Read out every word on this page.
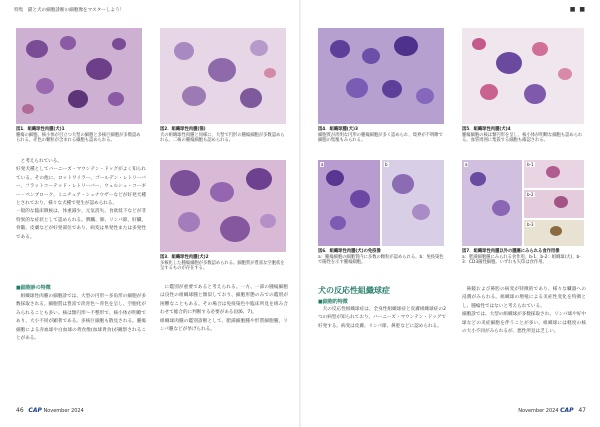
特集　猫と犬の細胞診断の細胞像をマスターしよう！	■ ■
図1．組織球性肉腫(犬)1
腫瘍の細胞。核小体が目立つ大型の細胞と多核巨細胞が多数認められる。赤色の顆粒が含まれる細胞も認められる。
図2．組織球性肉腫(猫)
犬の組織球性肉腫と同様に、大型で円形の腫瘍細胞が多数認められる。二核の腫瘍細胞も認められる。
図3．組織球性肉腫(犬)2
多核化した腫瘍細胞が多数認められる。細胞質が豊富な空胞状を呈するものが存在する。

と考えられている。
好発犬種としてバーニーズ・マウンテン・ドッグがよく知られている。その他に、ロットワイラー、ゴールデン・レトリーバー、フラットコーテッド・レトリーバー、ウェルシュ・コーギー・ペンブローク、ミニチュア・シュナウザーなどが好発犬種とされており、様々な犬種で発生が認められる。
一般的な臨床徴候は、体重減少、元気消失、食欲低下などが非特異的な症状として認められる。脾臓、肺、リンパ節、肝臓、骨髄、皮膚などが好発部位であり、病変は単発性または多発性である。

■細胞診の特徴

組織球性肉腫の細胞診では、大型の円形～多角形の細胞が多数採取される。細胞質は豊富で淡青色～青色を呈し、空胞化がみられることも多い。核は類円形～不整形で、核小体が明瞭であり、大小不同が顕著である。多核巨細胞も散見される。腫瘍細胞による赤血球や白血球の貪食像(血球貪食)が観察されることがある。

に鑑別が重要であると考えられる。一方、一部の腫瘍細胞は良性の組織球腫と類似しており、細胞形態のみでの鑑別が困難なこともある。その場合は免疫染色や臨床所見を組み合わせて総合的に判断する必要がある(図6、7)。
組織球肉腫の鑑別診断として、肥満細胞腫や形質細胞腫、リンパ腫などが挙げられる。

図4．組織球腫(犬)3
細胞質が淡明な円形の腫瘍細胞が多く認められ、境界が不明瞭で細胞の集塊もみられる。
図5．組織球性肉腫(犬)4
腫瘍細胞の核は類円形を呈し、核小体が明瞭な細胞も認められる。血管周囲に集簇する細胞も確認される。
a	b
図6．組織球性肉腫(犬)の免疫像
a：腫瘍細胞の細胞質内に多数の顆粒が認められる。b：免疫染色で陽性を示す腫瘍細胞。
a	b-1
b-2
b-3
図7．組織球性肉腫以外の腫瘍にみられる食作用像
a：肥満細胞腫にみられる食作用。b-1、b-2：組織球(犬)、b-3：CD3陽性細胞。いずれも矢印は食作用。
犬の反応性組織球症
■細胞的特徴

犬の反応性組織球症は、全身性組織球症と皮膚組織球症の2つの病型が知られており、バーニーズ・マウンテン・ドッグで好発する。病変は皮膚、リンパ節、鼻腔などに認められる。

鼻鏡および鼻腔の病変が特徴的であり、様々な臓器への浸潤がみられる。組織球の増殖による炎症性変化を特徴とし、腫瘍性ではないと考えられている。
細胞診では、大型の組織球が多数採取され、リンパ球や好中球などの炎症細胞を伴うことが多い。組織球には軽度の核の大小不同がみられるが、悪性所見は乏しい。

46 CAP November 2024	November 2024 CAP 47
